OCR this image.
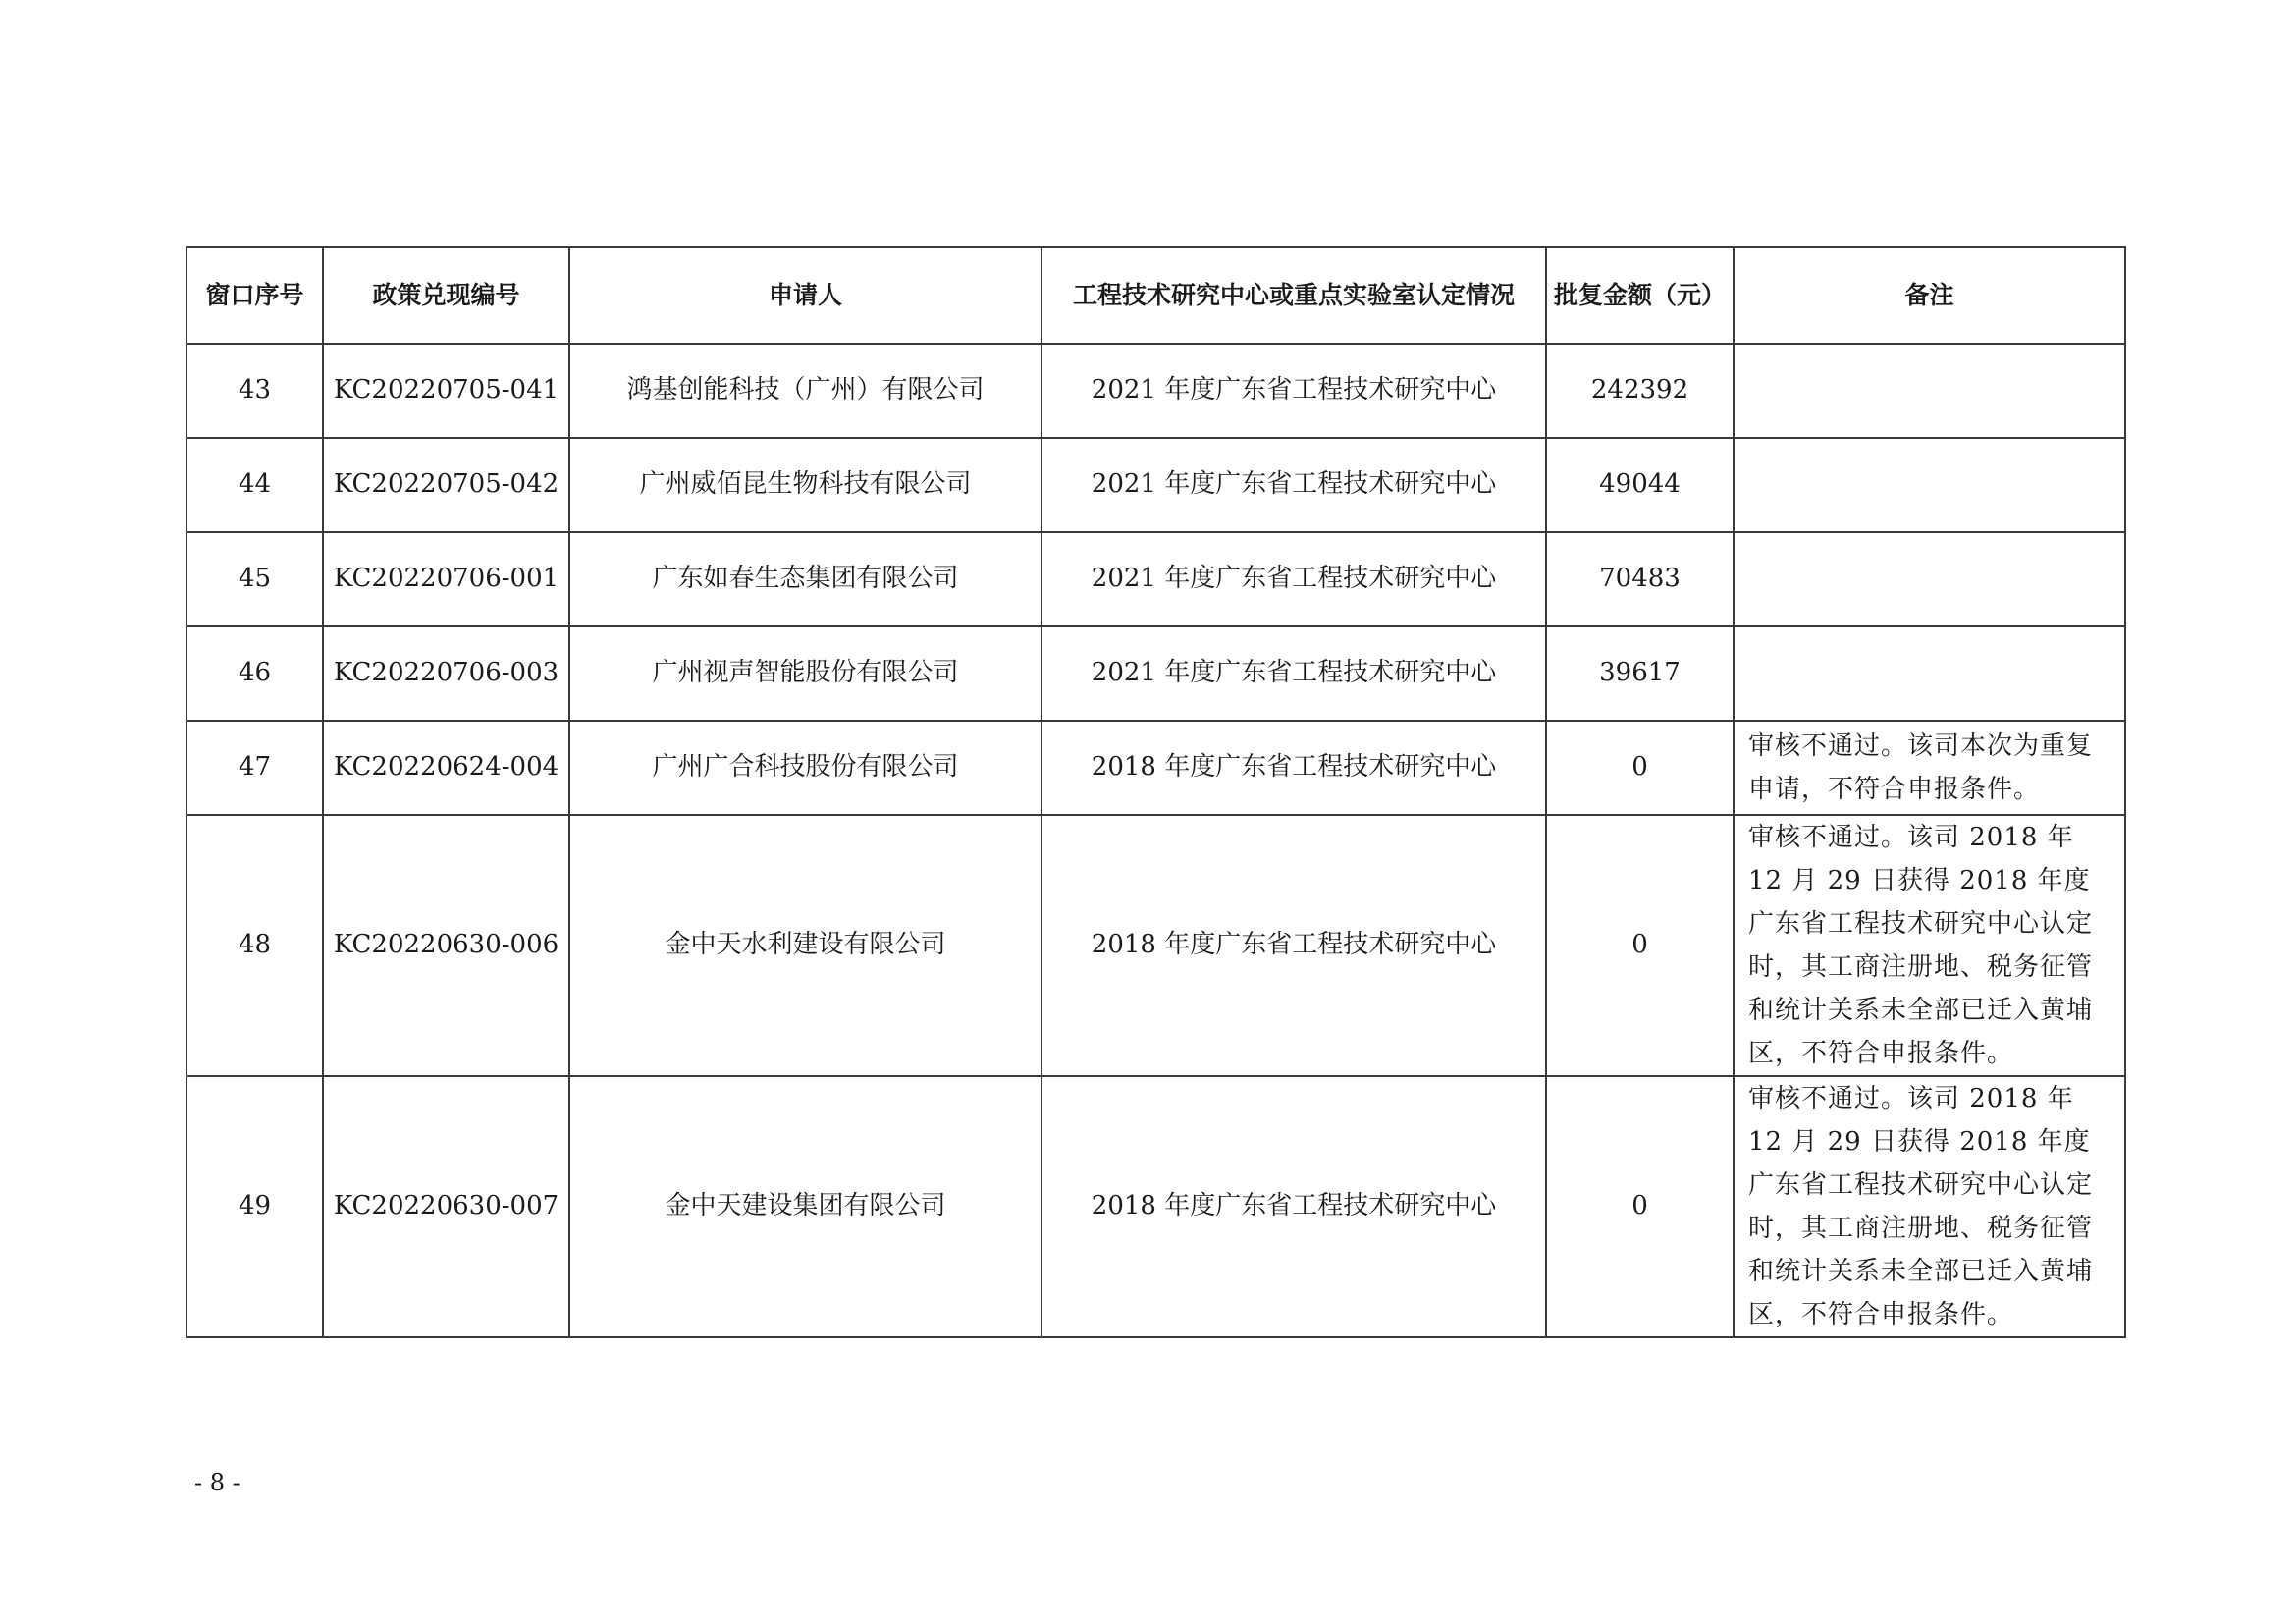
窗口序号	政策兑现编号	申请人	工程技术研究中心或重点实验室认定情况	批复金额（元）	备注
43	KC20220705-041	鸿基创能科技（广州）有限公司	2021 年度广东省工程技术研究中心	242392	
44	KC20220705-042	广州威佰昆生物科技有限公司	2021 年度广东省工程技术研究中心	49044	
45	KC20220706-001	广东如春生态集团有限公司	2021 年度广东省工程技术研究中心	70483	
46	KC20220706-003	广州视声智能股份有限公司	2021 年度广东省工程技术研究中心	39617	
47	KC20220624-004	广州广合科技股份有限公司	2018 年度广东省工程技术研究中心	0	审核不通过。该司本次为重复申请，不符合申报条件。
48	KC20220630-006	金中天水利建设有限公司	2018 年度广东省工程技术研究中心	0	审核不通过。该司 2018 年 12 月 29 日获得 2018 年度广东省工程技术研究中心认定时，其工商注册地、税务征管和统计关系未全部已迁入黄埔区，不符合申报条件。
49	KC20220630-007	金中天建设集团有限公司	2018 年度广东省工程技术研究中心	0	审核不通过。该司 2018 年 12 月 29 日获得 2018 年度广东省工程技术研究中心认定时，其工商注册地、税务征管和统计关系未全部已迁入黄埔区，不符合申报条件。
- 8 -
